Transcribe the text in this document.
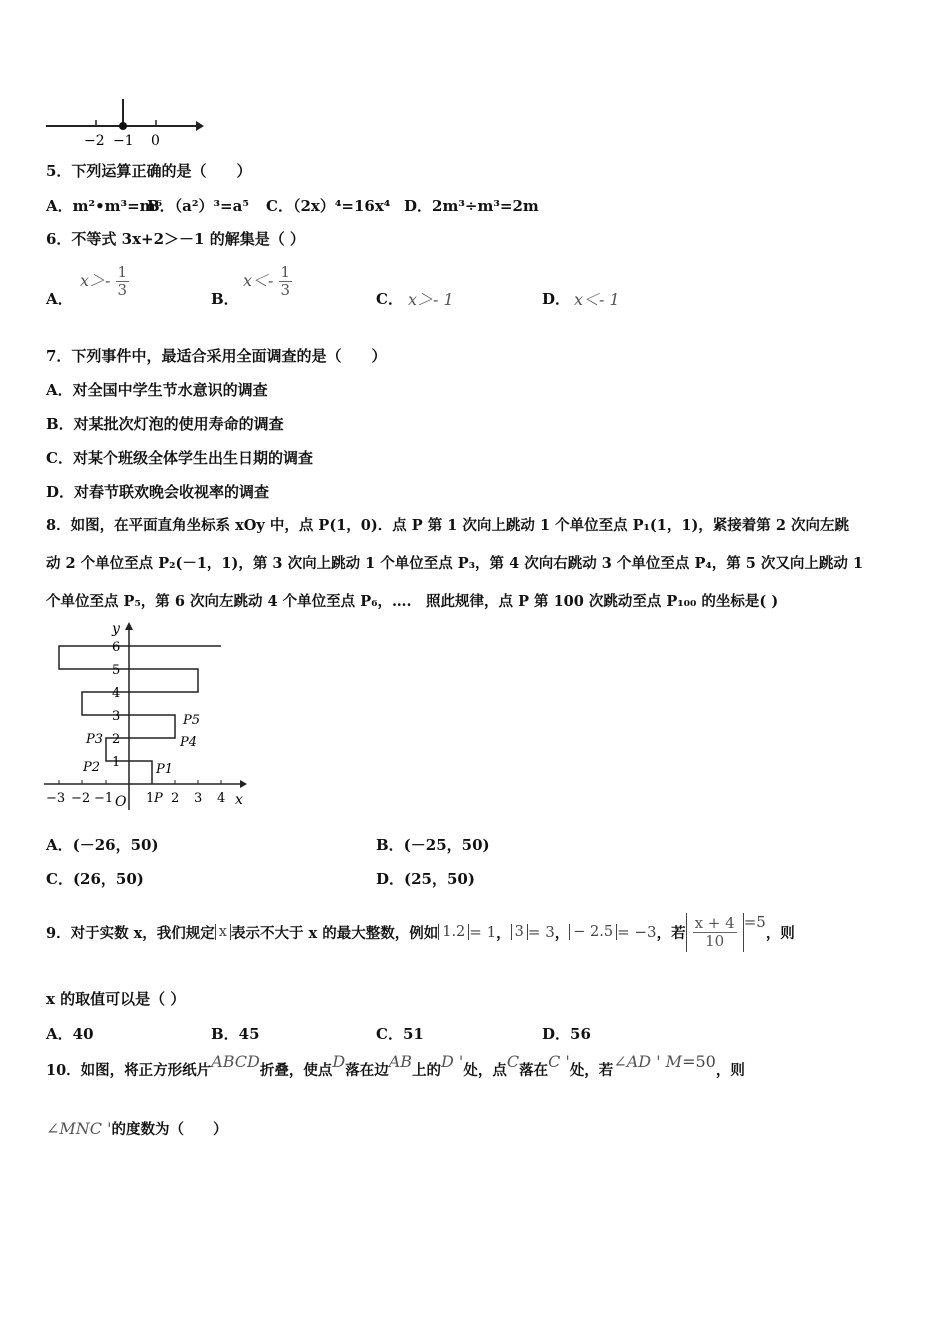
−2 −1 0
5．下列运算正确的是（　　）
A．m²•m³=m⁶
B．（a²）³=a⁵ C．（2x）⁴=16x⁴ D．2m³÷m³=2m
6．不等式 3x+2＞－1 的解集是（ ）
A．
$x>- \frac{1}{3}$	B．
$x<- \frac{1}{3}$	C． x＞- 1	D． x＜- 1
7．下列事件中，最适合采用全面调查的是（　　）
A．对全国中学生节水意识的调查
B．对某批次灯泡的使用寿命的调查
C．对某个班级全体学生出生日期的调查
D．对春节联欢晚会收视率的调查
8．如图，在平面直角坐标系 xOy 中，点 P(1，0)．点 P 第 1 次向上跳动 1 个单位至点 P₁(1，1)，紧接着第 2 次向左跳
动 2 个单位至点 P₂(－1，1)，第 3 次向上跳动 1 个单位至点 P₃，第 4 次向右跳动 3 个单位至点 P₄，第 5 次又向上跳动 1
个单位至点 P₅，第 6 次向左跳动 4 个单位至点 P₆，….　照此规律，点 P 第 100 次跳动至点 P₁₀₀ 的坐标是( )
−3 −2 −1 O 1 P 2 3 4 x
1
2
3
4
5
6
y
P1
P2
P3	P4
P5
A．(－26，50)	B．(－25，50)
C．(26，50)	D．(25，50)
9．对于实数 x，我们规定 x 表示不大于 x 的最大整数，例如 1.2 = 1 ， 3 = 3 ， − 2.5 = −3 ，若 $\frac{x + 4}{10} =5$
，则
x 的取值可以是（ ）
A．40	B．45	C．51	D．56
10．如图，将正方形纸片ABCD折叠，使点D落在边AB上的D '处，点C落在C '处，若∠AD ' M=50，则
∠MNC '的度数为（　　）
